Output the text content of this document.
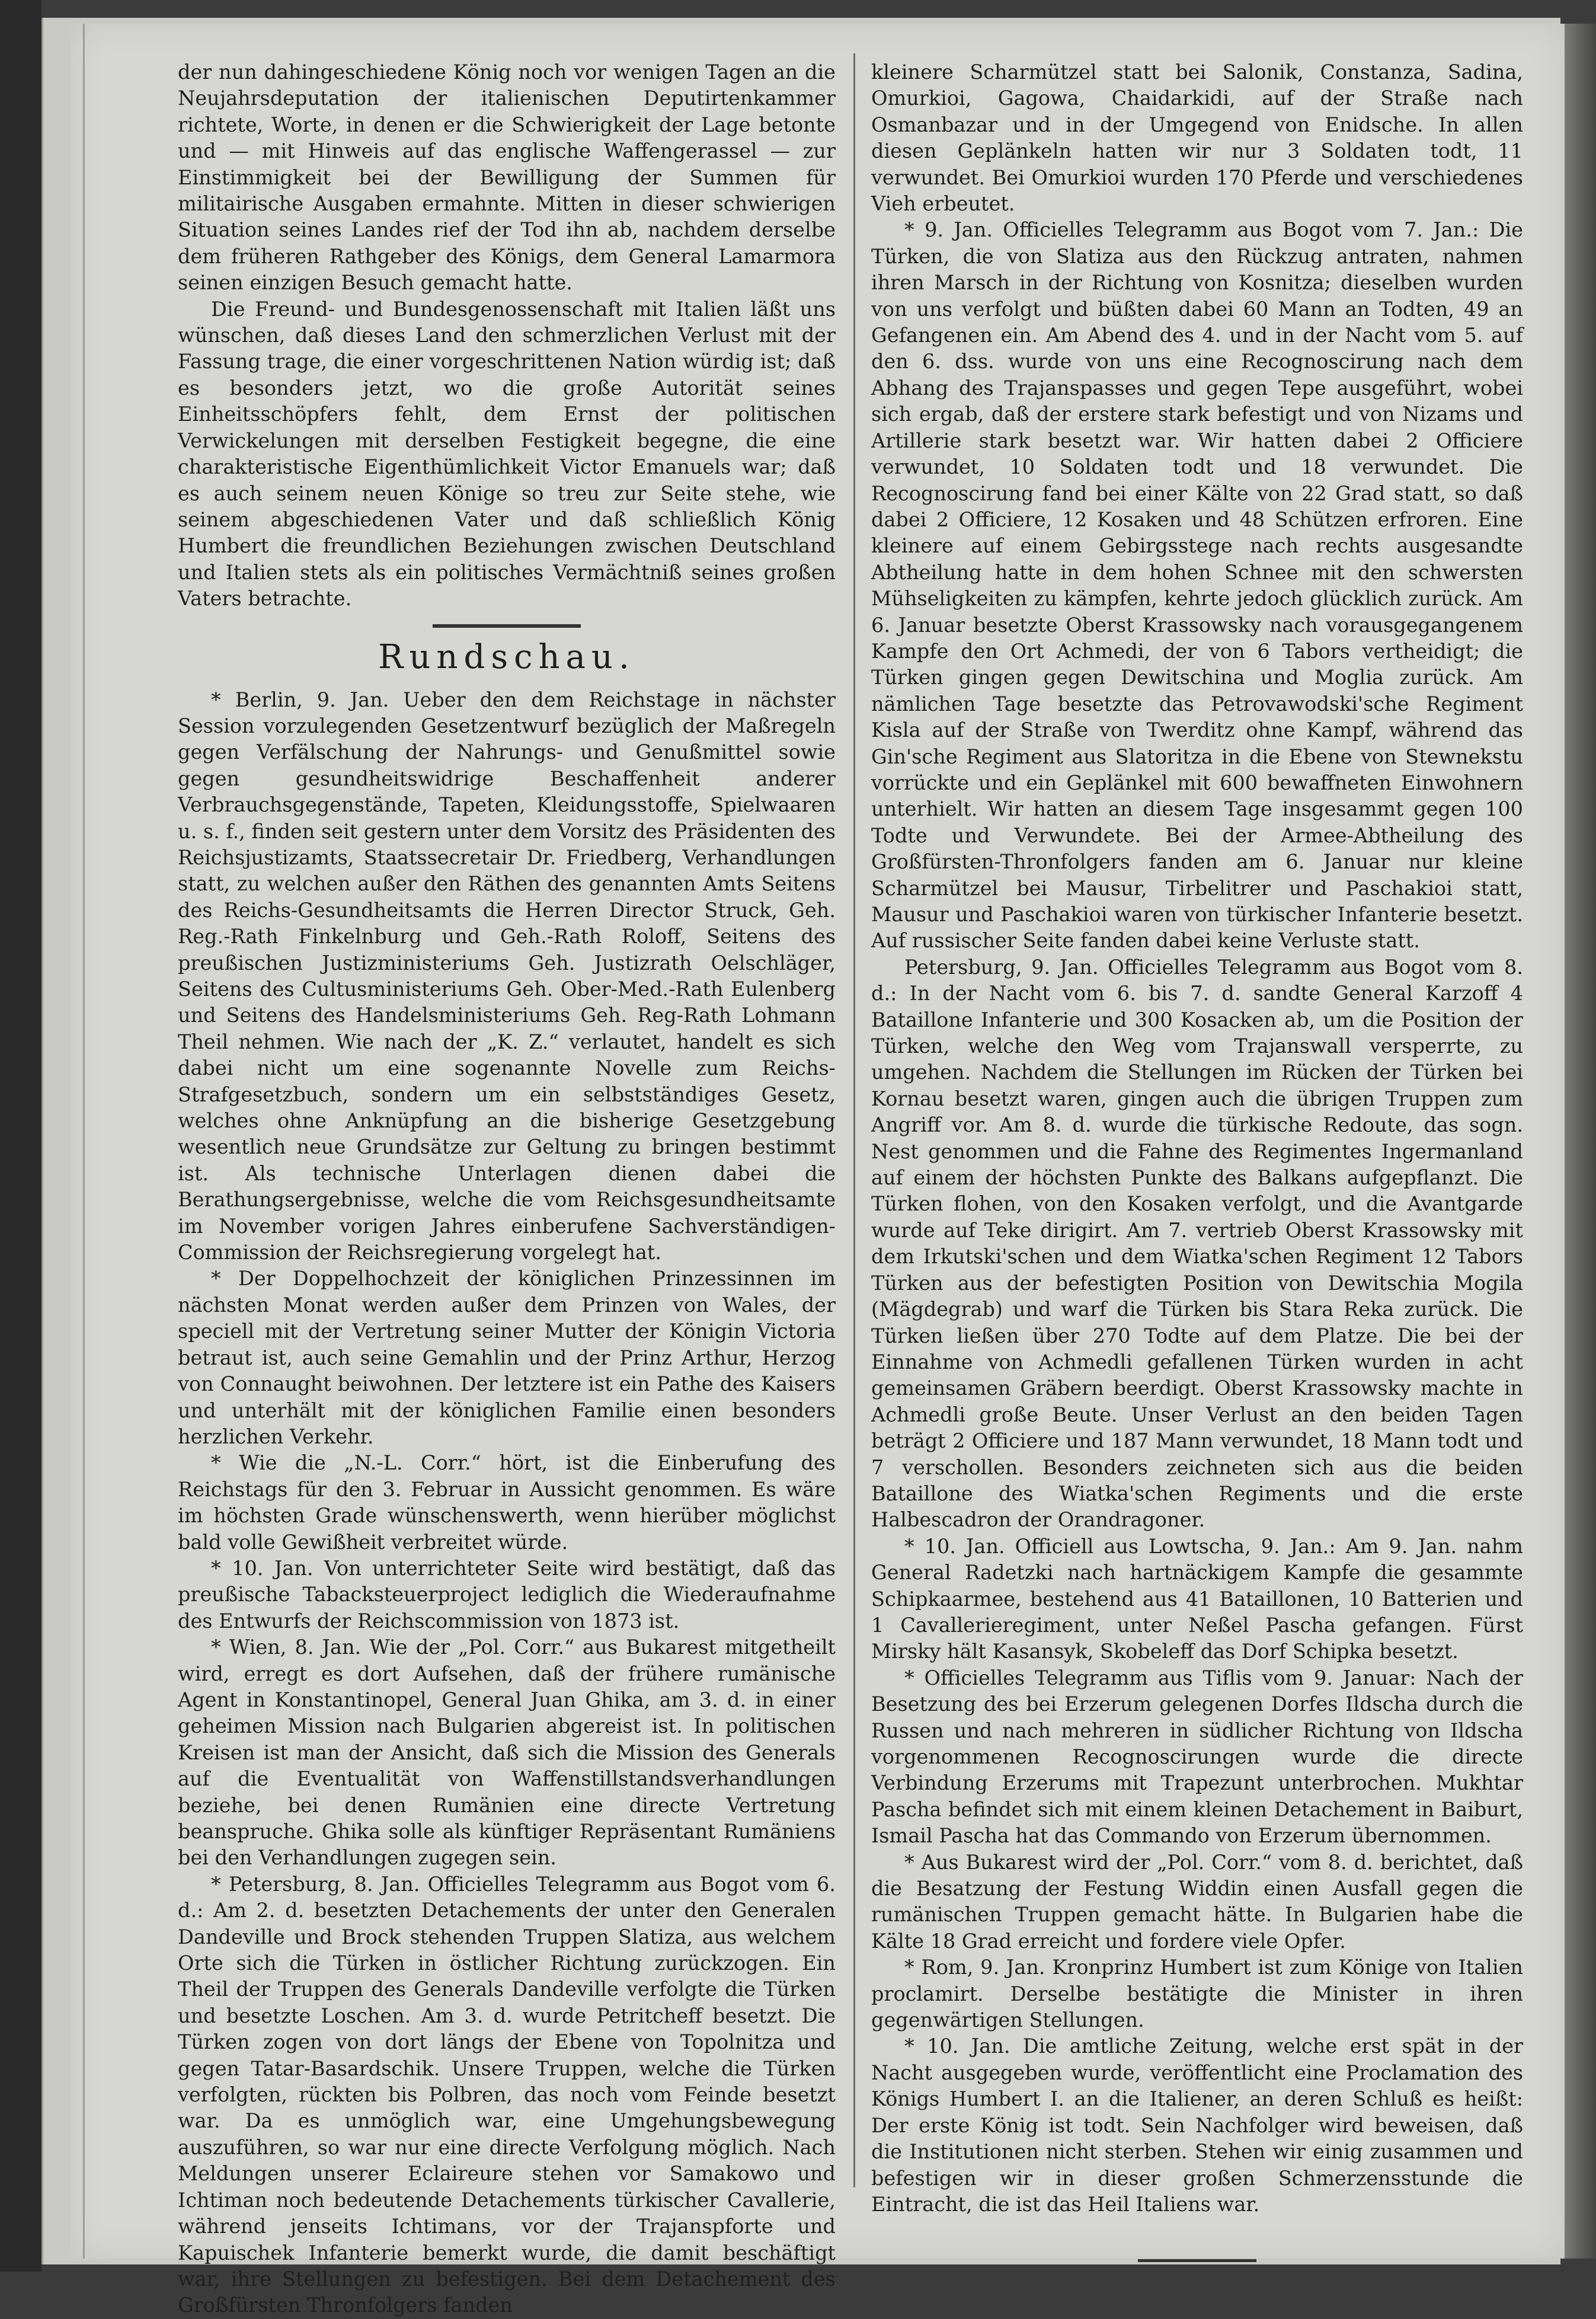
der nun dahingeschiedene König noch vor wenigen Tagen an die Neujahrsdeputation der italienischen Deputirtenkammer richtete, Worte, in denen er die Schwierigkeit der Lage betonte und — mit Hinweis auf das englische Waffengerassel — zur Einstimmigkeit bei der Bewilligung der Summen für militairische Ausgaben ermahnte. Mitten in dieser schwierigen Situation seines Landes rief der Tod ihn ab, nachdem derselbe dem früheren Rathgeber des Königs, dem General Lamarmora seinen einzigen Besuch gemacht hatte.

Die Freund- und Bundesgenossenschaft mit Italien läßt uns wünschen, daß dieses Land den schmerzlichen Verlust mit der Fassung trage, die einer vorgeschrittenen Nation würdig ist; daß es besonders jetzt, wo die große Autorität seines Einheitsschöpfers fehlt, dem Ernst der politischen Verwickelungen mit derselben Festigkeit begegne, die eine charakteristische Eigenthümlichkeit Victor Emanuels war; daß es auch seinem neuen Könige so treu zur Seite stehe, wie seinem abgeschiedenen Vater und daß schließlich König Humbert die freundlichen Beziehungen zwischen Deutschland und Italien stets als ein politisches Vermächtniß seines großen Vaters betrachte.

Rundschau.

* Berlin, 9. Jan. Ueber den dem Reichstage in nächster Session vorzulegenden Gesetzentwurf bezüglich der Maßregeln gegen Verfälschung der Nahrungs- und Genußmittel sowie gegen gesundheitswidrige Beschaffenheit anderer Verbrauchsgegenstände, Tapeten, Kleidungsstoffe, Spielwaaren u. s. f., finden seit gestern unter dem Vorsitz des Präsidenten des Reichsjustizamts, Staatssecretair Dr. Friedberg, Verhandlungen statt, zu welchen außer den Räthen des genannten Amts Seitens des Reichs-Gesundheitsamts die Herren Director Struck, Geh. Reg.-Rath Finkelnburg und Geh.-Rath Roloff, Seitens des preußischen Justizministeriums Geh. Justizrath Oelschläger, Seitens des Cultusministeriums Geh. Ober-Med.-Rath Eulenberg und Seitens des Handelsministeriums Geh. Reg-Rath Lohmann Theil nehmen. Wie nach der „K. Z.“ verlautet, handelt es sich dabei nicht um eine sogenannte Novelle zum Reichs-Strafgesetzbuch, sondern um ein selbstständiges Gesetz, welches ohne Anknüpfung an die bisherige Gesetzgebung wesentlich neue Grundsätze zur Geltung zu bringen bestimmt ist. Als technische Unterlagen dienen dabei die Berathungsergebnisse, welche die vom Reichsgesundheitsamte im November vorigen Jahres einberufene Sachverständigen-Commission der Reichsregierung vorgelegt hat.

* Der Doppelhochzeit der königlichen Prinzessinnen im nächsten Monat werden außer dem Prinzen von Wales, der speciell mit der Vertretung seiner Mutter der Königin Victoria betraut ist, auch seine Gemahlin und der Prinz Arthur, Herzog von Connaught beiwohnen. Der letztere ist ein Pathe des Kaisers und unterhält mit der königlichen Familie einen besonders herzlichen Verkehr.

* Wie die „N.-L. Corr.“ hört, ist die Einberufung des Reichstags für den 3. Februar in Aussicht genommen. Es wäre im höchsten Grade wünschenswerth, wenn hierüber möglichst bald volle Gewißheit verbreitet würde.

* 10. Jan. Von unterrichteter Seite wird bestätigt, daß das preußische Tabacksteuerproject lediglich die Wiederaufnahme des Entwurfs der Reichscommission von 1873 ist.

* Wien, 8. Jan. Wie der „Pol. Corr.“ aus Bukarest mitgetheilt wird, erregt es dort Aufsehen, daß der frühere rumänische Agent in Konstantinopel, General Juan Ghika, am 3. d. in einer geheimen Mission nach Bulgarien abgereist ist. In politischen Kreisen ist man der Ansicht, daß sich die Mission des Generals auf die Eventualität von Waffenstillstandsverhandlungen beziehe, bei denen Rumänien eine directe Vertretung beanspruche. Ghika solle als künftiger Repräsentant Rumäniens bei den Verhandlungen zugegen sein.

* Petersburg, 8. Jan. Officielles Telegramm aus Bogot vom 6. d.: Am 2. d. besetzten Detachements der unter den Generalen Dandeville und Brock stehenden Truppen Slatiza, aus welchem Orte sich die Türken in östlicher Richtung zurückzogen. Ein Theil der Truppen des Generals Dandeville verfolgte die Türken und besetzte Loschen. Am 3. d. wurde Petritcheff besetzt. Die Türken zogen von dort längs der Ebene von Topolnitza und gegen Tatar-Basardschik. Unsere Truppen, welche die Türken verfolgten, rückten bis Polbren, das noch vom Feinde besetzt war. Da es unmöglich war, eine Umgehungsbewegung auszuführen, so war nur eine directe Verfolgung möglich. Nach Meldungen unserer Eclaireure stehen vor Samakowo und Ichtiman noch bedeutende Detachements türkischer Cavallerie, während jenseits Ichtimans, vor der Trajanspforte und Kapuischek Infanterie bemerkt wurde, die damit beschäftigt war, ihre Stellungen zu befestigen. Bei dem Detachement des Großfürsten Thronfolgers fanden

kleinere Scharmützel statt bei Salonik, Constanza, Sadina, Omurkioi, Gagowa, Chaidarkidi, auf der Straße nach Osmanbazar und in der Umgegend von Enidsche. In allen diesen Geplänkeln hatten wir nur 3 Soldaten todt, 11 verwundet. Bei Omurkioi wurden 170 Pferde und verschiedenes Vieh erbeutet.

* 9. Jan. Officielles Telegramm aus Bogot vom 7. Jan.: Die Türken, die von Slatiza aus den Rückzug antraten, nahmen ihren Marsch in der Richtung von Kosnitza; dieselben wurden von uns verfolgt und büßten dabei 60 Mann an Todten, 49 an Gefangenen ein. Am Abend des 4. und in der Nacht vom 5. auf den 6. dss. wurde von uns eine Recognoscirung nach dem Abhang des Trajanspasses und gegen Tepe ausgeführt, wobei sich ergab, daß der erstere stark befestigt und von Nizams und Artillerie stark besetzt war. Wir hatten dabei 2 Officiere verwundet, 10 Soldaten todt und 18 verwundet. Die Recognoscirung fand bei einer Kälte von 22 Grad statt, so daß dabei 2 Officiere, 12 Kosaken und 48 Schützen erfroren. Eine kleinere auf einem Gebirgsstege nach rechts ausgesandte Abtheilung hatte in dem hohen Schnee mit den schwersten Mühseligkeiten zu kämpfen, kehrte jedoch glücklich zurück. Am 6. Januar besetzte Oberst Krassowsky nach vorausgegangenem Kampfe den Ort Achmedi, der von 6 Tabors vertheidigt; die Türken gingen gegen Dewitschina und Moglia zurück. Am nämlichen Tage besetzte das Petrovawodski'sche Regiment Kisla auf der Straße von Twerditz ohne Kampf, während das Gin'sche Regiment aus Slatoritza in die Ebene von Stewnekstu vorrückte und ein Geplänkel mit 600 bewaffneten Einwohnern unterhielt. Wir hatten an diesem Tage insgesammt gegen 100 Todte und Verwundete. Bei der Armee-Abtheilung des Großfürsten-Thronfolgers fanden am 6. Januar nur kleine Scharmützel bei Mausur, Tirbelitrer und Paschakioi statt, Mausur und Paschakioi waren von türkischer Infanterie besetzt. Auf russischer Seite fanden dabei keine Verluste statt.

Petersburg, 9. Jan. Officielles Telegramm aus Bogot vom 8. d.: In der Nacht vom 6. bis 7. d. sandte General Karzoff 4 Bataillone Infanterie und 300 Kosacken ab, um die Position der Türken, welche den Weg vom Trajanswall versperrte, zu umgehen. Nachdem die Stellungen im Rücken der Türken bei Kornau besetzt waren, gingen auch die übrigen Truppen zum Angriff vor. Am 8. d. wurde die türkische Redoute, das sogn. Nest genommen und die Fahne des Regimentes Ingermanland auf einem der höchsten Punkte des Balkans aufgepflanzt. Die Türken flohen, von den Kosaken verfolgt, und die Avantgarde wurde auf Teke dirigirt. Am 7. vertrieb Oberst Krassowsky mit dem Irkutski'schen und dem Wiatka'schen Regiment 12 Tabors Türken aus der befestigten Position von Dewitschia Mogila (Mägdegrab) und warf die Türken bis Stara Reka zurück. Die Türken ließen über 270 Todte auf dem Platze. Die bei der Einnahme von Achmedli gefallenen Türken wurden in acht gemeinsamen Gräbern beerdigt. Oberst Krassowsky machte in Achmedli große Beute. Unser Verlust an den beiden Tagen beträgt 2 Officiere und 187 Mann verwundet, 18 Mann todt und 7 verschollen. Besonders zeichneten sich aus die beiden Bataillone des Wiatka'schen Regiments und die erste Halbescadron der Orandragoner.

* 10. Jan. Officiell aus Lowtscha, 9. Jan.: Am 9. Jan. nahm General Radetzki nach hartnäckigem Kampfe die gesammte Schipkaarmee, bestehend aus 41 Bataillonen, 10 Batterien und 1 Cavallerieregiment, unter Neßel Pascha gefangen. Fürst Mirsky hält Kasansyk, Skobeleff das Dorf Schipka besetzt.

* Officielles Telegramm aus Tiflis vom 9. Januar: Nach der Besetzung des bei Erzerum gelegenen Dorfes Ildscha durch die Russen und nach mehreren in südlicher Richtung von Ildscha vorgenommenen Recognoscirungen wurde die directe Verbindung Erzerums mit Trapezunt unterbrochen. Mukhtar Pascha befindet sich mit einem kleinen Detachement in Baiburt, Ismail Pascha hat das Commando von Erzerum übernommen.

* Aus Bukarest wird der „Pol. Corr.“ vom 8. d. berichtet, daß die Besatzung der Festung Widdin einen Ausfall gegen die rumänischen Truppen gemacht hätte. In Bulgarien habe die Kälte 18 Grad erreicht und fordere viele Opfer.

* Rom, 9. Jan. Kronprinz Humbert ist zum Könige von Italien proclamirt. Derselbe bestätigte die Minister in ihren gegenwärtigen Stellungen.

* 10. Jan. Die amtliche Zeitung, welche erst spät in der Nacht ausgegeben wurde, veröffentlicht eine Proclamation des Königs Humbert I. an die Italiener, an deren Schluß es heißt: Der erste König ist todt. Sein Nachfolger wird beweisen, daß die Institutionen nicht sterben. Stehen wir einig zusammen und befestigen wir in dieser großen Schmerzensstunde die Eintracht, die ist das Heil Italiens war.
